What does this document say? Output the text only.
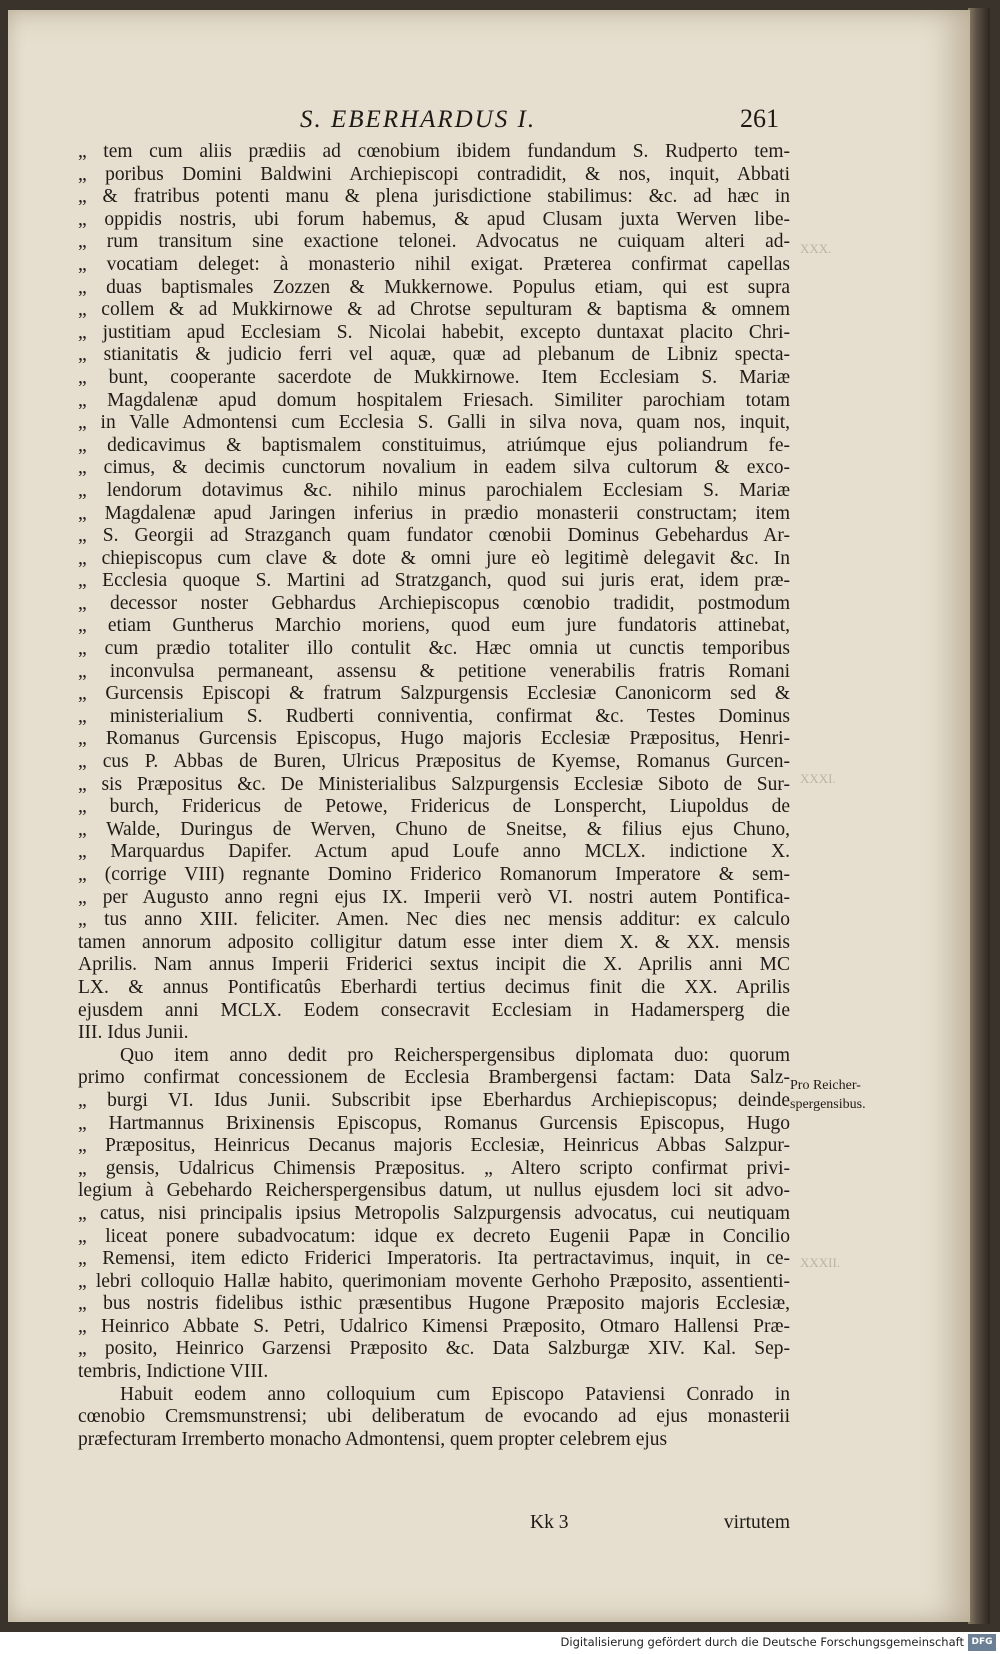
S. EBERHARDUS I.	261
„ tem cum aliis prædiis ad cœnobium ibidem fundandum S. Rudperto tem-
„ poribus Domini Baldwini Archiepiscopi contradidit, & nos, inquit, Abbati
„ & fratribus potenti manu & plena jurisdictione stabilimus: &c. ad hæc in
„ oppidis nostris, ubi forum habemus, & apud Clusam juxta Werven libe-
„ rum transitum sine exactione telonei. Advocatus ne cuiquam alteri ad-
„ vocatiam deleget: à monasterio nihil exigat. Præterea confirmat capellas
„ duas baptismales Zozzen & Mukkernowe. Populus etiam, qui est supra
„ collem & ad Mukkirnowe & ad Chrotse sepulturam & baptisma & omnem
„ justitiam apud Ecclesiam S. Nicolai habebit, excepto duntaxat placito Chri-
„ stianitatis & judicio ferri vel aquæ, quæ ad plebanum de Libniz specta-
„ bunt, cooperante sacerdote de Mukkirnowe. Item Ecclesiam S. Mariæ
„ Magdalenæ apud domum hospitalem Friesach. Similiter parochiam totam
„ in Valle Admontensi cum Ecclesia S. Galli in silva nova, quam nos, inquit,
„ dedicavimus & baptismalem constituimus, atriúmque ejus poliandrum fe-
„ cimus, & decimis cunctorum novalium in eadem silva cultorum & exco-
„ lendorum dotavimus &c. nihilo minus parochialem Ecclesiam S. Mariæ
„ Magdalenæ apud Jaringen inferius in prædio monasterii constructam; item
„ S. Georgii ad Strazganch quam fundator cœnobii Dominus Gebehardus Ar-
„ chiepiscopus cum clave & dote & omni jure eò legitimè delegavit &c. In
„ Ecclesia quoque S. Martini ad Stratzganch, quod sui juris erat, idem præ-
„ decessor noster Gebhardus Archiepiscopus cœnobio tradidit, postmodum
„ etiam Guntherus Marchio moriens, quod eum jure fundatoris attinebat,
„ cum prædio totaliter illo contulit &c. Hæc omnia ut cunctis temporibus
„ inconvulsa permaneant, assensu & petitione venerabilis fratris Romani
„ Gurcensis Episcopi & fratrum Salzpurgensis Ecclesiæ Canonicorm sed &
„ ministerialium S. Rudberti conniventia, confirmat &c. Testes Dominus
„ Romanus Gurcensis Episcopus, Hugo majoris Ecclesiæ Præpositus, Henri-
„ cus P. Abbas de Buren, Ulricus Præpositus de Kyemse, Romanus Gurcen-
„ sis Præpositus &c. De Ministerialibus Salzpurgensis Ecclesiæ Siboto de Sur-
„ burch, Fridericus de Petowe, Fridericus de Lonspercht, Liupoldus de
„ Walde, Duringus de Werven, Chuno de Sneitse, & filius ejus Chuno,
„ Marquardus Dapifer. Actum apud Loufe anno MCLX. indictione X.
„ (corrige VIII) regnante Domino Friderico Romanorum Imperatore & sem-
„ per Augusto anno regni ejus IX. Imperii verò VI. nostri autem Pontifica-
„ tus anno XIII. feliciter. Amen. Nec dies nec mensis additur: ex calculo
tamen annorum adposito colligitur datum esse inter diem X. & XX. mensis
Aprilis. Nam annus Imperii Friderici sextus incipit die X. Aprilis anni MC
LX. & annus Pontificatûs Eberhardi tertius decimus finit die XX. Aprilis
ejusdem anni MCLX. Eodem consecravit Ecclesiam in Hadamersperg die
III. Idus Junii.
Quo item anno dedit pro Reicherspergensibus diplomata duo: quorum
primo confirmat concessionem de Ecclesia Brambergensi factam: Data Salz-
„ burgi VI. Idus Junii. Subscribit ipse Eberhardus Archiepiscopus; deinde
„ Hartmannus Brixinensis Episcopus, Romanus Gurcensis Episcopus, Hugo
„ Præpositus, Heinricus Decanus majoris Ecclesiæ, Heinricus Abbas Salzpur-
„ gensis, Udalricus Chimensis Præpositus. „ Altero scripto confirmat privi-
legium à Gebehardo Reicherspergensibus datum, ut nullus ejusdem loci sit advo-
„ catus, nisi principalis ipsius Metropolis Salzpurgensis advocatus, cui neutiquam
„ liceat ponere subadvocatum: idque ex decreto Eugenii Papæ in Concilio
„ Remensi, item edicto Friderici Imperatoris. Ita pertractavimus, inquit, in ce-
„ lebri colloquio Hallæ habito, querimoniam movente Gerhoho Præposito, assentienti-
„ bus nostris fidelibus isthic præsentibus Hugone Præposito majoris Ecclesiæ,
„ Heinrico Abbate S. Petri, Udalrico Kimensi Præposito, Otmaro Hallensi Præ-
„ posito, Heinrico Garzensi Præposito &c. Data Salzburgæ XIV. Kal. Sep-
tembris, Indictione VIII.
Habuit eodem anno colloquium cum Episcopo Pataviensi Conrado in
cœnobio Cremsmunstrensi; ubi deliberatum de evocando ad ejus monasterii
præfecturam Irremberto monacho Admontensi, quem propter celebrem ejus
Pro Reicher-
spergensibus.
XXX.
XXXI.
XXXII.
Kk 3	virtutem
Digitalisierung gefördert durch die Deutsche Forschungsgemeinschaft DFG
